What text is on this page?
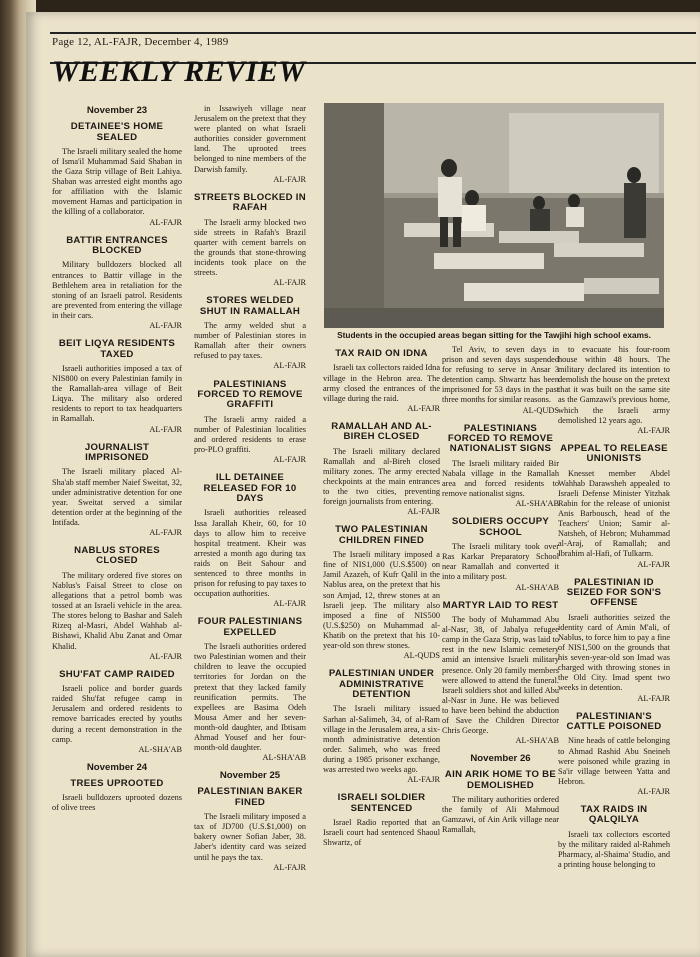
Page 12, AL-FAJR, December 4, 1989
WEEKLY REVIEW
Students in the occupied areas began sitting for the Tawjihi high school exams.
November 23
DETAINEE'S HOME SEALED
The Israeli military sealed the home of Isma'il Muhammad Said Shaban in the Gaza Strip village of Beit Lahiya. Shaban was arrested eight months ago for affiliation with the Islamic movement Hamas and participation in the killing of a collaborator.
AL-FAJR
BATTIR ENTRANCES BLOCKED
Military bulldozers blocked all entrances to Battir village in the Bethlehem area in retaliation for the stoning of an Israeli patrol. Residents are prevented from entering the village in their cars.
AL-FAJR
BEIT LIQYA RESIDENTS TAXED
Israeli authorities imposed a tax of NIS800 on every Palestinian family in the Ramallah-area village of Beit Liqya. The military also ordered residents to report to tax headquarters in Ramallah.
AL-FAJR
JOURNALIST IMPRISONED
The Israeli military placed Al-Sha'ab staff member Naief Sweitat, 32, under administrative detention for one year. Sweitat served a similar detention order at the beginning of the Intifada.
AL-FAJR
NABLUS STORES CLOSED
The military ordered five stores on Nablus's Faisal Street to close on allegations that a petrol bomb was tossed at an Israeli vehicle in the area. The stores belong to Bashar and Saleh Rizeq al-Masri, Abdel Wahhab al-Bishawi, Khalid Abu Zanat and Omar Khalid.
AL-FAJR
SHU'FAT CAMP RAIDED
Israeli police and border guards raided Shu'fat refugee camp in Jerusalem and ordered residents to remove barricades erected by youths during a recent demonstration in the camp.
AL-SHA'AB
November 24
TREES UPROOTED
Israeli bulldozers uprooted dozens of olive trees
in Issawiyeh village near Jerusalem on the pretext that they were planted on what Israeli authorities consider government land. The uprooted trees belonged to nine members of the Darwish family.
AL-FAJR
STREETS BLOCKED IN RAFAH
The Israeli army blocked two side streets in Rafah's Brazil quarter with cement barrels on the grounds that stone-throwing incidents took place on the streets.
AL-FAJR
STORES WELDED SHUT IN RAMALLAH
The army welded shut a number of Palestinian stores in Ramallah after their owners refused to pay taxes.
AL-FAJR
PALESTINIANS FORCED TO REMOVE GRAFFITI
The Israeli army raided a number of Palestinian localities and ordered residents to erase pro-PLO graffiti.
AL-FAJR
ILL DETAINEE RELEASED FOR 10 DAYS
Israeli authorities released Issa Jarallah Kheir, 60, for 10 days to allow him to receive hospital treatment. Kheir was arrested a month ago during tax raids on Beit Sahour and sentenced to three months in prison for refusing to pay taxes to occupation authorities.
AL-FAJR
FOUR PALESTINIANS EXPELLED
The Israeli authorities ordered two Palestinian women and their children to leave the occupied territories for Jordan on the pretext that they lacked family reunification permits. The expellees are Basima Odeh Mousa Amer and her seven-month-old daughter, and Ibtisam Ahmad Yousef and her four-month-old daughter.
AL-SHA'AB
November 25
PALESTINIAN BAKER FINED
The Israeli military imposed a tax of JD700 (U.S.$1,000) on bakery owner Sofian Jaber, 38. Jaber's identity card was seized until he pays the tax.
AL-FAJR
TAX RAID ON IDNA
Israeli tax collectors raided Idna village in the Hebron area. The army closed the entrances of the village during the raid.
AL-FAJR
RAMALLAH AND AL-BIREH CLOSED
The Israeli military declared Ramallah and al-Bireh closed military zones. The army erected checkpoints at the main entrances to the two cities, preventing foreign journalists from entering.
AL-FAJR
TWO PALESTINIAN CHILDREN FINED
The Israeli military imposed a fine of NIS1,000 (U.S.$500) on Jamil Azazeh, of Kufr Qalil in the Nablus area, on the pretext that his son Amjad, 12, threw stones at an Israeli jeep. The military also imposed a fine of NIS500 (U.S.$250) on Muhammad al-Khatib on the pretext that his 10-year-old son threw stones.
AL-QUDS
PALESTINIAN UNDER ADMINISTRATIVE DETENTION
The Israeli military issued Sarhan al-Salimeh, 34, of al-Ram village in the Jerusalem area, a six-month administrative detention order. Salimeh, who was freed during a 1985 prisoner exchange, was arrested two weeks ago.
AL-FAJR
ISRAELI SOLDIER SENTENCED
Israel Radio reported that an Israeli court had sentenced Shaoul Shwartz, of
Tel Aviv, to seven days in prison and seven days suspended for refusing to serve in Ansar 3 detention camp. Shwartz has been imprisoned for 53 days in the past three months for similar reasons.
AL-QUDS
PALESTINIANS FORCED TO REMOVE NATIONALIST SIGNS
The Israeli military raided Bir Nabala village in the Ramallah area and forced residents to remove nationalist signs.
AL-SHA'AB
SOLDIERS OCCUPY SCHOOL
The Israeli military took over Ras Karkar Preparatory School near Ramallah and converted it into a military post.
AL-SHA'AB
MARTYR LAID TO REST
The body of Muhammad Abu al-Nasr, 38, of Jabalya refugee camp in the Gaza Strip, was laid to rest in the new Islamic cemetery amid an intensive Israeli military presence. Only 20 family members were allowed to attend the funeral. Israeli soldiers shot and killed Abu al-Nasr in June. He was believed to have been behind the abduction of Save the Children Director Chris George.
AL-SHA'AB
November 26
AIN ARIK HOME TO BE DEMOLISHED
The military authorities ordered the family of Ali Mahmoud Gamzawi, of Ain Arik village near Ramallah,
to evacuate his four-room house within 48 hours. The military declared its intention to demolish the house on the pretext that it was built on the same site as the Gamzawi's previous home, which the Israeli army demolished 12 years ago.
AL-FAJR
APPEAL TO RELEASE UNIONISTS
Knesset member Abdel Wahhab Darawsheh appealed to Israeli Defense Minister Yitzhak Rabin for the release of unionist Anis Barbousch, head of the Teachers' Union; Samir al-Natsheh, of Hebron; Muhammad al-Araj, of Ramallah; and Ibrahim al-Hafi, of Tulkarm.
AL-FAJR
PALESTINIAN ID SEIZED FOR SON'S OFFENSE
Israeli authorities seized the identity card of Amin M'ali, of Nablus, to force him to pay a fine of NIS1,500 on the grounds that his seven-year-old son Imad was charged with throwing stones in the Old City. Imad spent two weeks in detention.
AL-FAJR
PALESTINIAN'S CATTLE POISONED
Nine heads of cattle belonging to Ahmad Rashid Abu Sneineh were poisoned while grazing in Sa'ir village between Yatta and Hebron.
AL-FAJR
TAX RAIDS IN QALQILYA
Israeli tax collectors escorted by the military raided al-Rahmeh Pharmacy, al-Shaima' Studio, and a printing house belonging to
